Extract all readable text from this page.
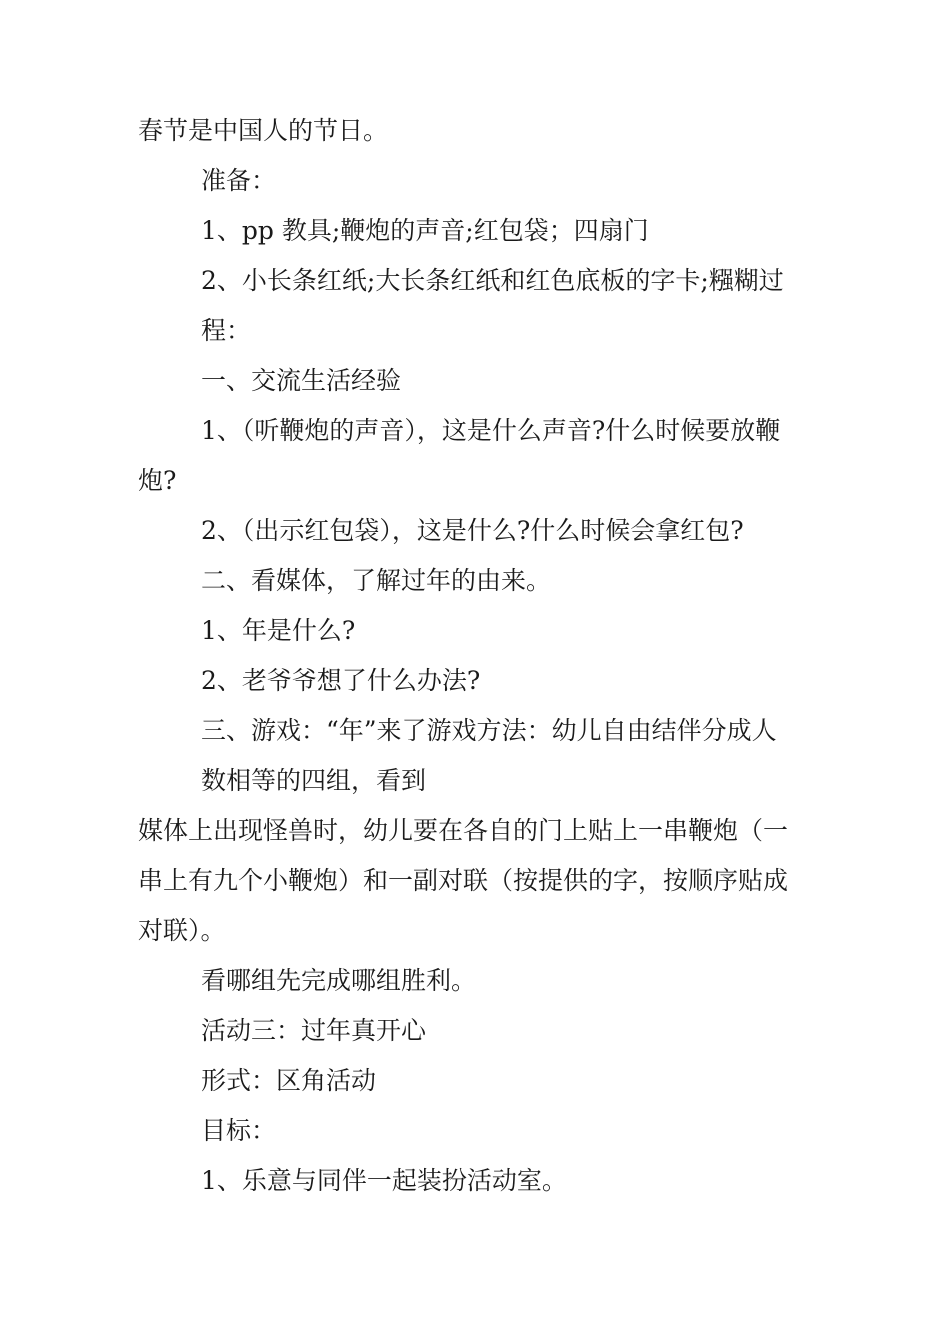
春节是中国人的节日。

准备：

1、pp 教具;鞭炮的声音;红包袋；四扇门

2、小长条红纸;大长条红纸和红色底板的字卡;糨糊过

程：

一、交流生活经验

1、（听鞭炮的声音），这是什么声音?什么时候要放鞭

炮?

2、（出示红包袋），这是什么?什么时候会拿红包?

二、看媒体，了解过年的由来。

1、年是什么?

2、老爷爷想了什么办法?

三、游戏：“年”来了游戏方法：幼儿自由结伴分成人

数相等的四组，看到

媒体上出现怪兽时，幼儿要在各自的门上贴上一串鞭炮（一

串上有九个小鞭炮）和一副对联（按提供的字，按顺序贴成

对联）。

看哪组先完成哪组胜利。

活动三：过年真开心

形式：区角活动

目标：

1、乐意与同伴一起装扮活动室。
